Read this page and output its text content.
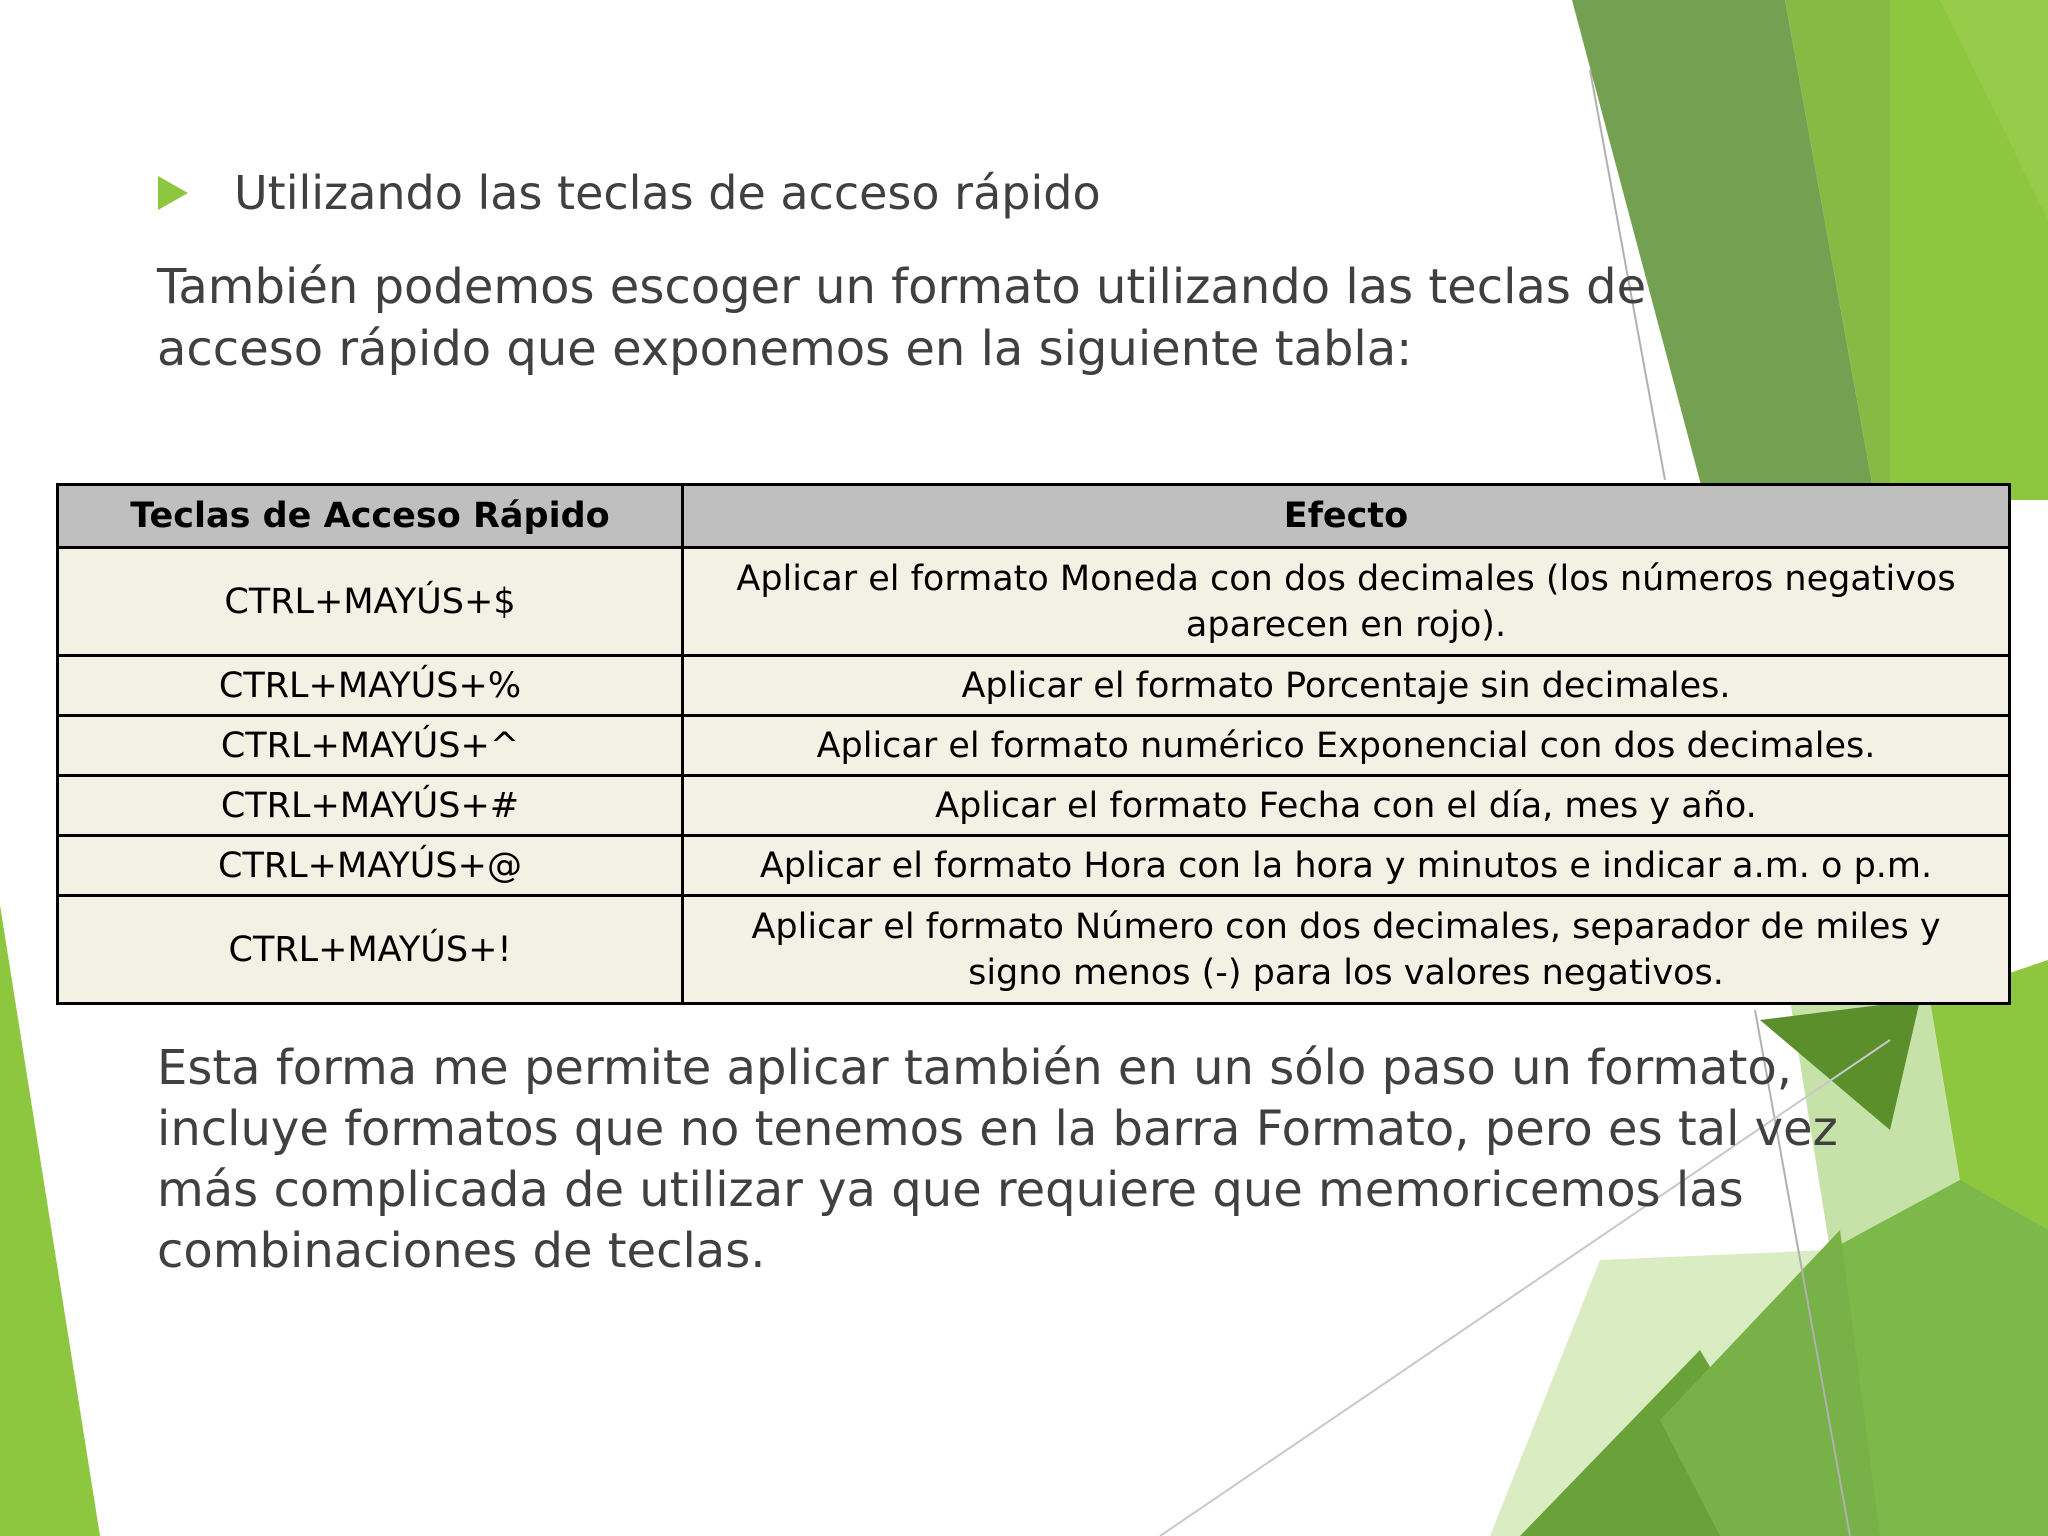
Utilizando las teclas de acceso rápido
También podemos escoger un formato utilizando las teclas de acceso rápido que exponemos en la siguiente tabla:
Teclas de Acceso Rápido	Efecto
CTRL+MAYÚS+$	Aplicar el formato Moneda con dos decimales (los números negativos aparecen en rojo).
CTRL+MAYÚS+%	Aplicar el formato Porcentaje sin decimales.
CTRL+MAYÚS+^	Aplicar el formato numérico Exponencial con dos decimales.
CTRL+MAYÚS+#	Aplicar el formato Fecha con el día, mes y año.
CTRL+MAYÚS+@	Aplicar el formato Hora con la hora y minutos e indicar a.m. o p.m.
CTRL+MAYÚS+!	Aplicar el formato Número con dos decimales, separador de miles y signo menos (-) para los valores negativos.
Esta forma me permite aplicar también en un sólo paso un formato, incluye formatos que no tenemos en la barra Formato, pero es tal vez más complicada de utilizar ya que requiere que memoricemos las combinaciones de teclas.
